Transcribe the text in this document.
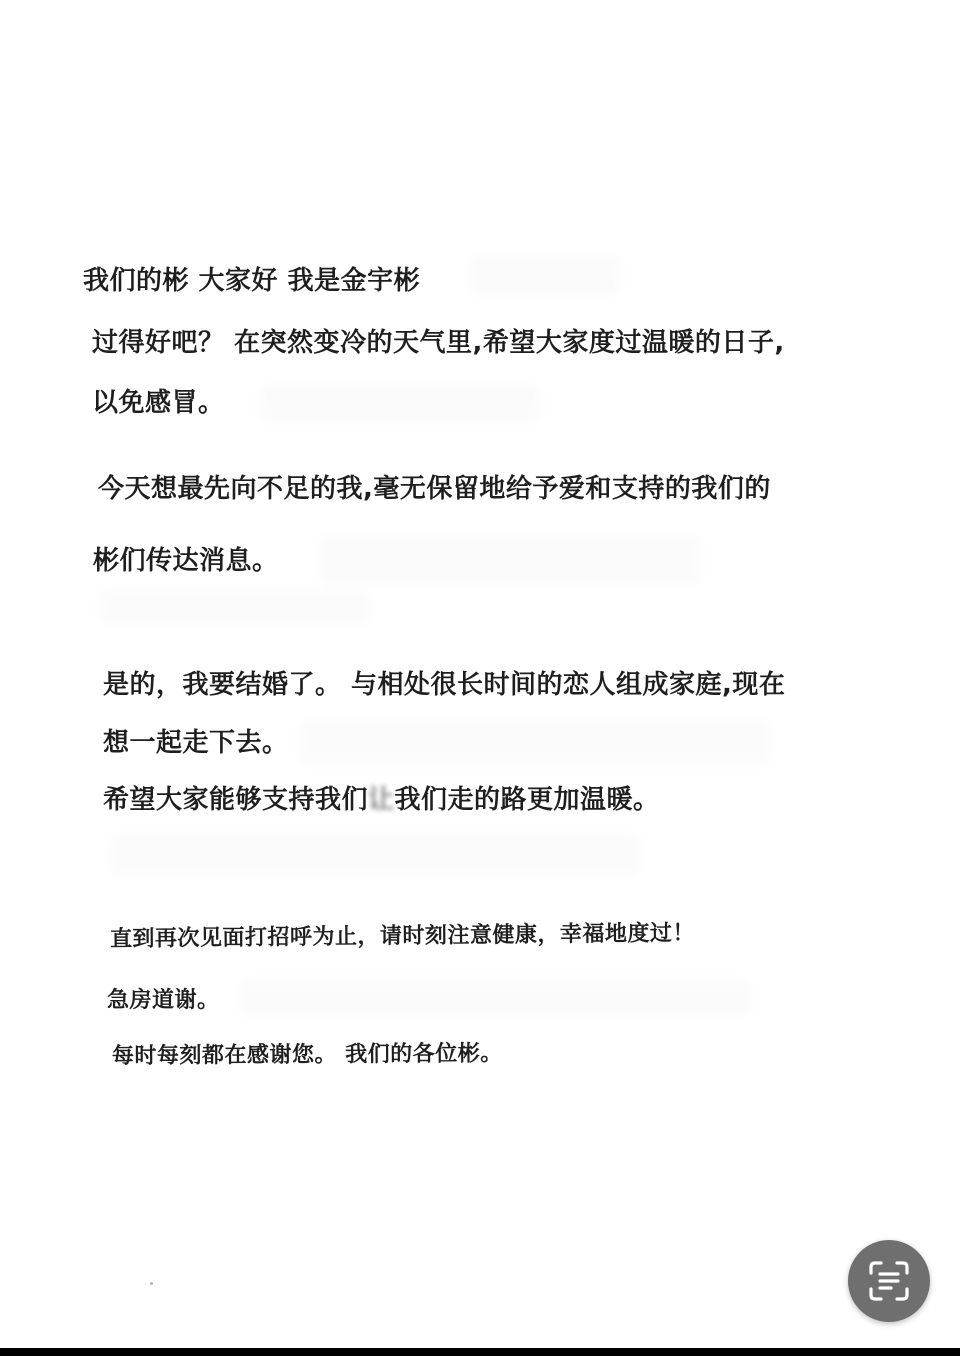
我们的彬 大家好 我是金宇彬
过得好吧？ 在突然变冷的天气里,希望大家度过温暖的日子,
以免感冒。
今天想最先向不足的我,毫无保留地给予爱和支持的我们的
彬们传达消息。
是的，我要结婚了。 与相处很长时间的恋人组成家庭,现在
想一起走下去。
希望大家能够支持我们让我们走的路更加温暖。
直到再次见面打招呼为止，请时刻注意健康，幸福地度过！
急房道谢。
每时每刻都在感谢您。 我们的各位彬。
